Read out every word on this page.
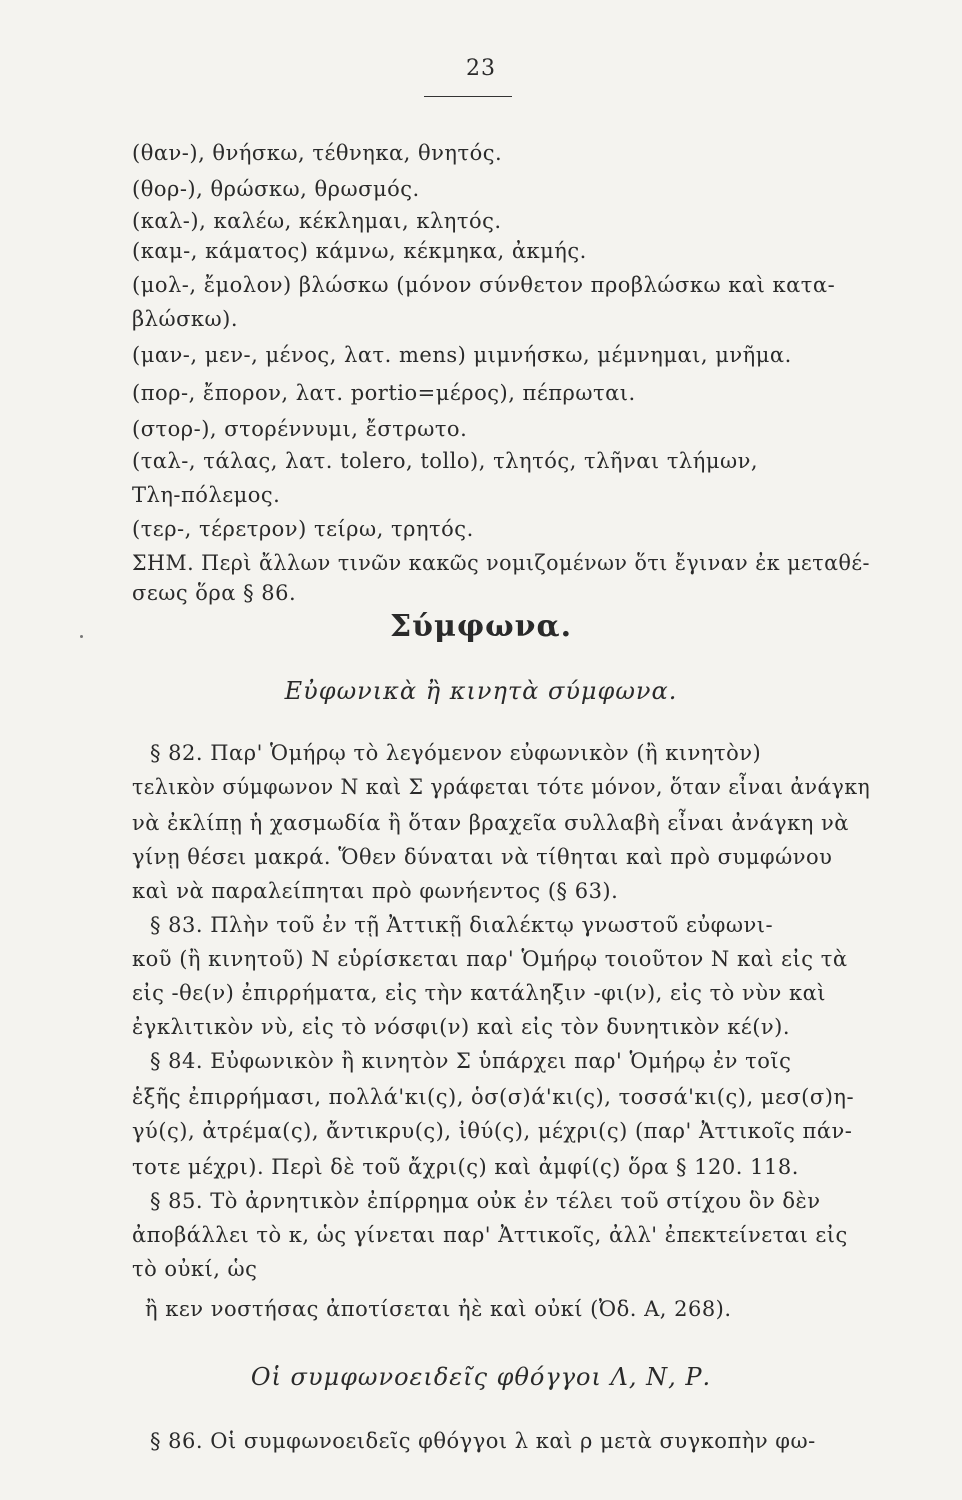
23
(θαν-), θνήσκω, τέθνηκα, θνητός.
(θορ-), θρώσκω, θρωσμός.
(καλ-), καλέω, κέκλημαι, κλητός.
(καμ-, κάματος) κάμνω, κέκμηκα, ἀκμής.
(μολ-, ἔμολον) βλώσκω (μόνον σύνθετον προβλώσκω καὶ κατα-
βλώσκω).
(μαν-, μεν-, μένος, λατ. mens) μιμνήσκω, μέμνημαι, μνῆμα.
(πορ-, ἔπορον, λατ. portio=μέρος), πέπρωται.
(στορ-), στορέννυμι, ἔστρωτο.
(ταλ-, τάλας, λατ. tolero, tollo), τλητός, τλῆναι τλήμων,
Τλη-πόλεμος.
(τερ-, τέρετρον) τείρω, τρητός.
ΣΗΜ. Περὶ ἄλλων τινῶν κακῶς νομιζομένων ὅτι ἔγιναν ἐκ μεταθέ-
σεως ὅρα § 86.
Σύμφωνα.
Εὐφωνικὰ ἢ κινητὰ σύμφωνα.
§ 82. Παρ' Ὁμήρῳ τὸ λεγόμενον εὐφωνικὸν (ἢ κινητὸν)
τελικὸν σύμφωνον Ν καὶ Σ γράφεται τότε μόνον, ὅταν εἶναι ἀνάγκη
νὰ ἐκλίπῃ ἡ χασμωδία ἢ ὅταν βραχεῖα συλλαβὴ εἶναι ἀνάγκη νὰ
γίνῃ θέσει μακρά. Ὅθεν δύναται νὰ τίθηται καὶ πρὸ συμφώνου
καὶ νὰ παραλείπηται πρὸ φωνήεντος (§ 63).
§ 83. Πλὴν τοῦ ἐν τῇ Ἀττικῇ διαλέκτῳ γνωστοῦ εὐφωνι-
κοῦ (ἢ κινητοῦ) Ν εὑρίσκεται παρ' Ὁμήρῳ τοιοῦτον Ν καὶ εἰς τὰ
εἰς -θε(ν) ἐπιρρήματα, εἰς τὴν κατάληξιν -φι(ν), εἰς τὸ νὺν καὶ
ἐγκλιτικὸν νὺ, εἰς τὸ νόσφι(ν) καὶ εἰς τὸν δυνητικὸν κέ(ν).
§ 84. Εὐφωνικὸν ἢ κινητὸν Σ ὑπάρχει παρ' Ὁμήρῳ ἐν τοῖς
ἑξῆς ἐπιρρήμασι, πολλά'κι(ς), ὁσ(σ)ά'κι(ς), τοσσά'κι(ς), μεσ(σ)η-
γύ(ς), ἀτρέμα(ς), ἄντικρυ(ς), ἰθύ(ς), μέχρι(ς) (παρ' Ἀττικοῖς πάν-
τοτε μέχρι). Περὶ δὲ τοῦ ἄχρι(ς) καὶ ἀμφί(ς) ὅρα § 120. 118.
§ 85. Τὸ ἀρνητικὸν ἐπίρρημα οὐκ ἐν τέλει τοῦ στίχου ὃν δὲν
ἀποβάλλει τὸ κ, ὡς γίνεται παρ' Ἀττικοῖς, ἀλλ' ἐπεκτείνεται εἰς
τὸ οὐκί, ὡς
ἢ κεν νοστήσας ἀποτίσεται ἠὲ καὶ οὐκί (Ὀδ. Α, 268).
Οἱ συμφωνοειδεῖς φθόγγοι Λ, Ν, Ρ.
§ 86. Οἱ συμφωνοειδεῖς φθόγγοι λ καὶ ρ μετὰ συγκοπὴν φω-
